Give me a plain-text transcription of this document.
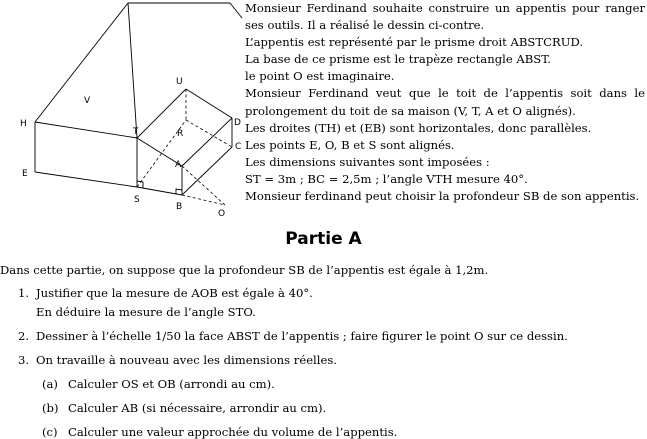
H
V
U
T	R
D
C
A
E
S
B
O

Monsieur Ferdinand souhaite construire un appentis pour ranger ses outils. Il a réalisé le dessin ci-contre.

L’appentis est représenté par le prisme droit ABSTCRUD.

La base de ce prisme est le trapèze rectangle ABST.

le point O est imaginaire.

Monsieur Ferdinand veut que le toit de l’appentis soit dans le prolongement du toit de sa maison (V, T, A et O alignés).

Les droites (TH) et (EB) sont horizontales, donc parallèles.

Les points E, O, B et S sont alignés.

Les dimensions suivantes sont imposées :

ST = 3m ; BC = 2,5m ; l’angle VTH mesure 40°.

Monsieur ferdinand peut choisir la profondeur SB de son appentis.

Partie A
Dans cette partie, on suppose que la profondeur SB de l’appentis est égale à 1,2m.
1. Justifier que la mesure de AOB est égale à 40°.
En déduire la mesure de l’angle STO.
2. Dessiner à l’échelle 1/50 la face ABST de l’appentis ; faire figurer le point O sur ce dessin.
3. On travaille à nouveau avec les dimensions réelles.
(a) Calculer OS et OB (arrondi au cm).
(b) Calculer AB (si nécessaire, arrondir au cm).
(c) Calculer une valeur approchée du volume de l’appentis.
